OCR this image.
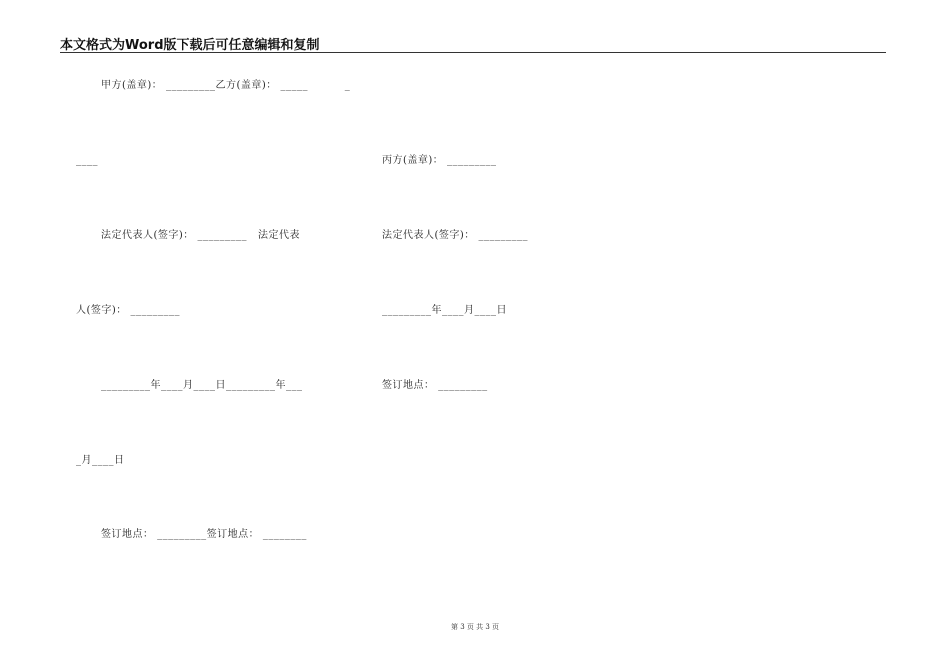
本文格式为Word版下载后可任意编辑和复制
甲方(盖章)： _________乙方(盖章)： _____          _
____	丙方(盖章)： _________
法定代表人(签字)： _________   法定代表	法定代表人(签字)： _________
人(签字)： _________	_________年____月____日
_________年____月____日_________年___	签订地点： _________
_月____日
签订地点： _________签订地点： ________
第 3 页 共 3 页
